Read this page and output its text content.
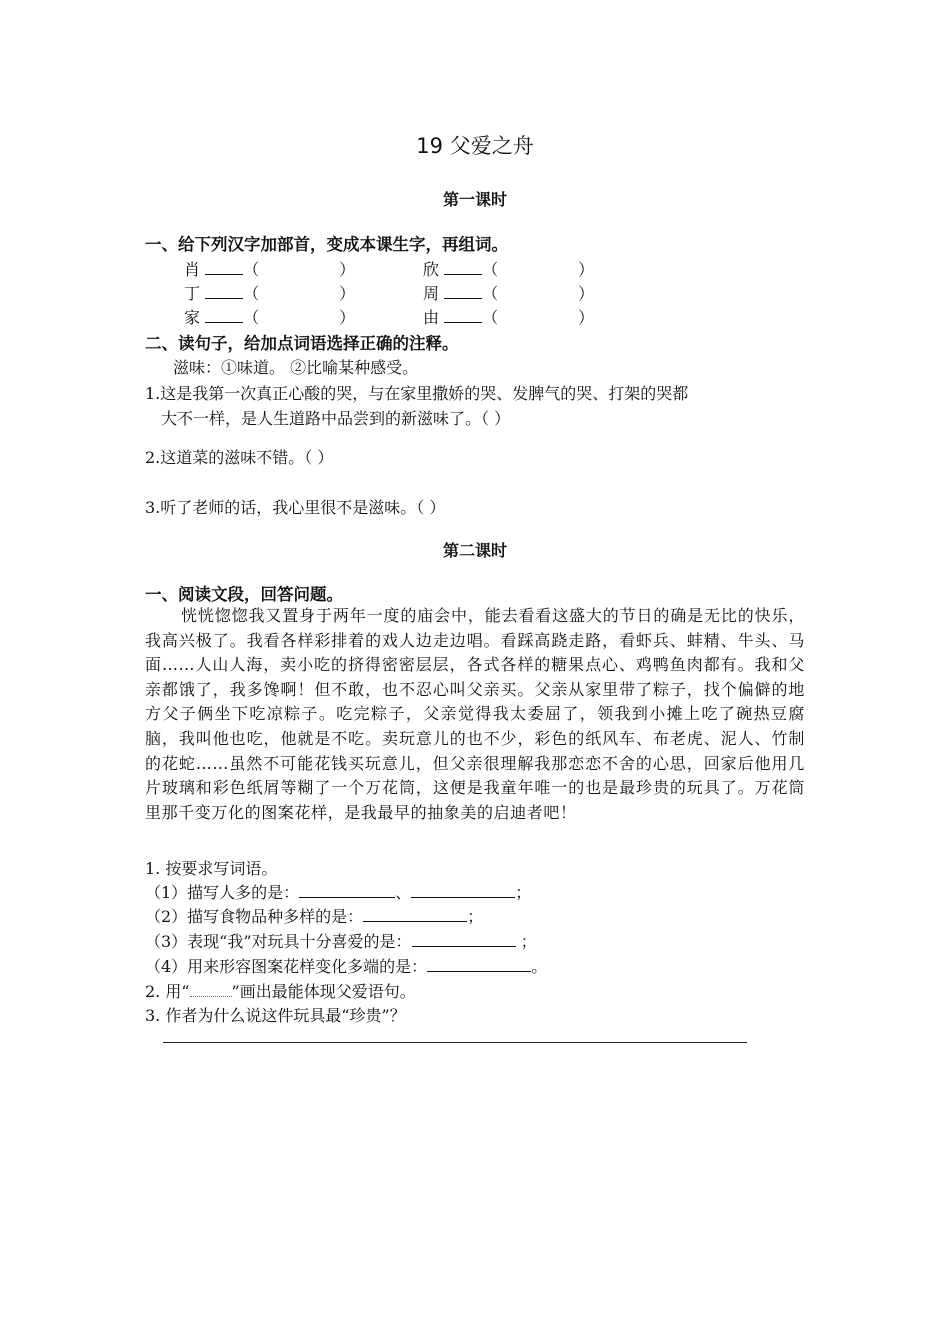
19 父爱之舟
第一课时
一、给下列汉字加部首，变成本课生字，再组词。
肖	（	）	欣	（	）
丁	（	）	周	（	）
家	（	）	由	（	）
二、读句子，给加点词语选择正确的注释。
滋味：①味道。 ②比喻某种感受。
1.这是我第一次真正心酸的哭，与在家里撒娇的哭、发脾气的哭、打架的哭都
大不一样，是人生道路中品尝到的新滋味了。（ ）
2.这道菜的滋味不错。（ ）
3.听了老师的话，我心里很不是滋味。（ ）
第二课时
一、阅读文段，回答问题。

恍恍惚惚我又置身于两年一度的庙会中，能去看看这盛大的节日的确是无比的快乐，我高兴极了。我看各样彩排着的戏人边走边唱。看踩高跷走路，看虾兵、蚌精、牛头、马面……人山人海，卖小吃的挤得密密层层，各式各样的糖果点心、鸡鸭鱼肉都有。我和父亲都饿了，我多馋啊！但不敢，也不忍心叫父亲买。父亲从家里带了粽子，找个偏僻的地方父子俩坐下吃凉粽子。吃完粽子，父亲觉得我太委屈了，领我到小摊上吃了碗热豆腐脑，我叫他也吃，他就是不吃。卖玩意儿的也不少，彩色的纸风车、布老虎、泥人、竹制的花蛇……虽然不可能花钱买玩意儿，但父亲很理解我那恋恋不舍的心思，回家后他用几片玻璃和彩色纸屑等糊了一个万花筒，这便是我童年唯一的也是最珍贵的玩具了。万花筒里那千变万化的图案花样，是我最早的抽象美的启迪者吧！

1. 按要求写词语。
（1）描写人多的是：	、	；
（2）描写食物品种多样的是：	；
（3）表现“我”对玩具十分喜爱的是：	；
（4）用来形容图案花样变化多端的是：	。
2. 用“	”画出最能体现父爱语句。
3. 作者为什么说这件玩具最“珍贵”？
